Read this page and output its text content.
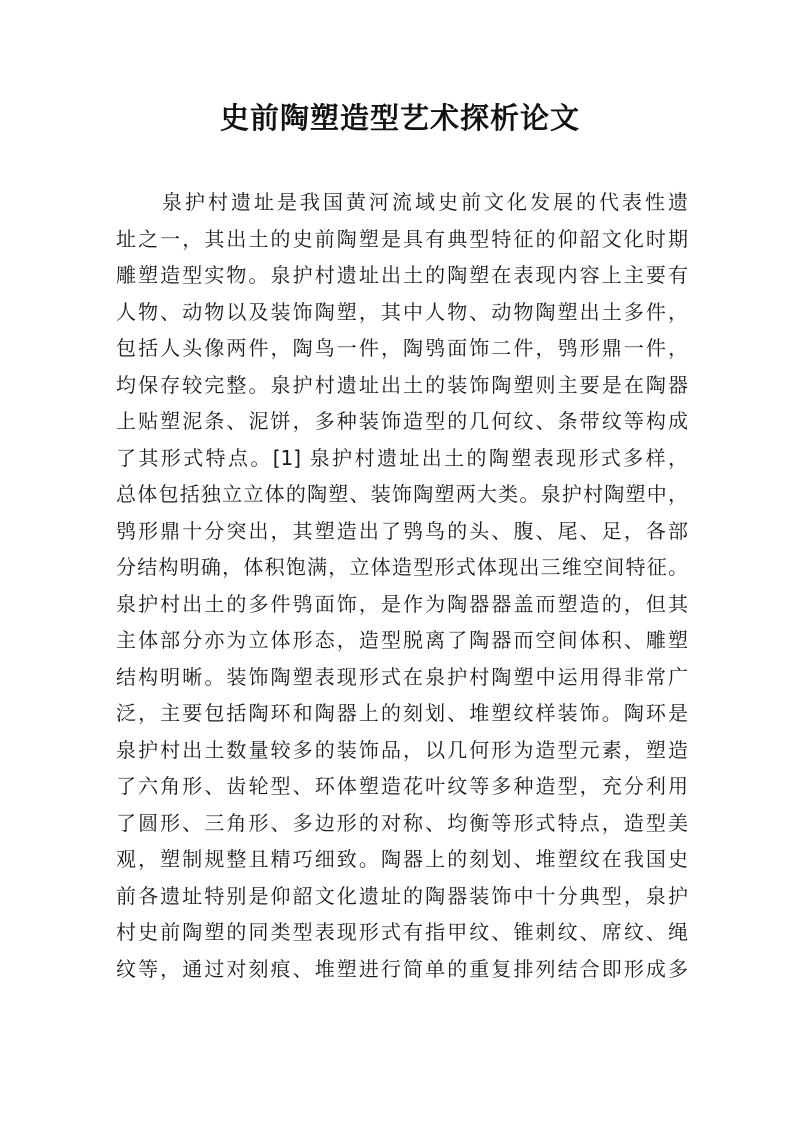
史前陶塑造型艺术探析论文
泉护村遗址是我国黄河流域史前文化发展的代表性遗
址之一，其出土的史前陶塑是具有典型特征的仰韶文化时期
雕塑造型实物。泉护村遗址出土的陶塑在表现内容上主要有
人物、动物以及装饰陶塑，其中人物、动物陶塑出土多件，
包括人头像两件，陶鸟一件，陶鸮面饰二件，鸮形鼎一件，
均保存较完整。泉护村遗址出土的装饰陶塑则主要是在陶器
上贴塑泥条、泥饼，多种装饰造型的几何纹、条带纹等构成
了其形式特点。[1] 泉护村遗址出土的陶塑表现形式多样，
总体包括独立立体的陶塑、装饰陶塑两大类。泉护村陶塑中，
鸮形鼎十分突出，其塑造出了鸮鸟的头、腹、尾、足，各部
分结构明确，体积饱满，立体造型形式体现出三维空间特征。
泉护村出土的多件鸮面饰，是作为陶器器盖而塑造的，但其
主体部分亦为立体形态，造型脱离了陶器而空间体积、雕塑
结构明晰。装饰陶塑表现形式在泉护村陶塑中运用得非常广
泛，主要包括陶环和陶器上的刻划、堆塑纹样装饰。陶环是
泉护村出土数量较多的装饰品，以几何形为造型元素，塑造
了六角形、齿轮型、环体塑造花叶纹等多种造型，充分利用
了圆形、三角形、多边形的对称、均衡等形式特点，造型美
观，塑制规整且精巧细致。陶器上的刻划、堆塑纹在我国史
前各遗址特别是仰韶文化遗址的陶器装饰中十分典型，泉护
村史前陶塑的同类型表现形式有指甲纹、锥刺纹、席纹、绳
纹等，通过对刻痕、堆塑进行简单的重复排列结合即形成多
